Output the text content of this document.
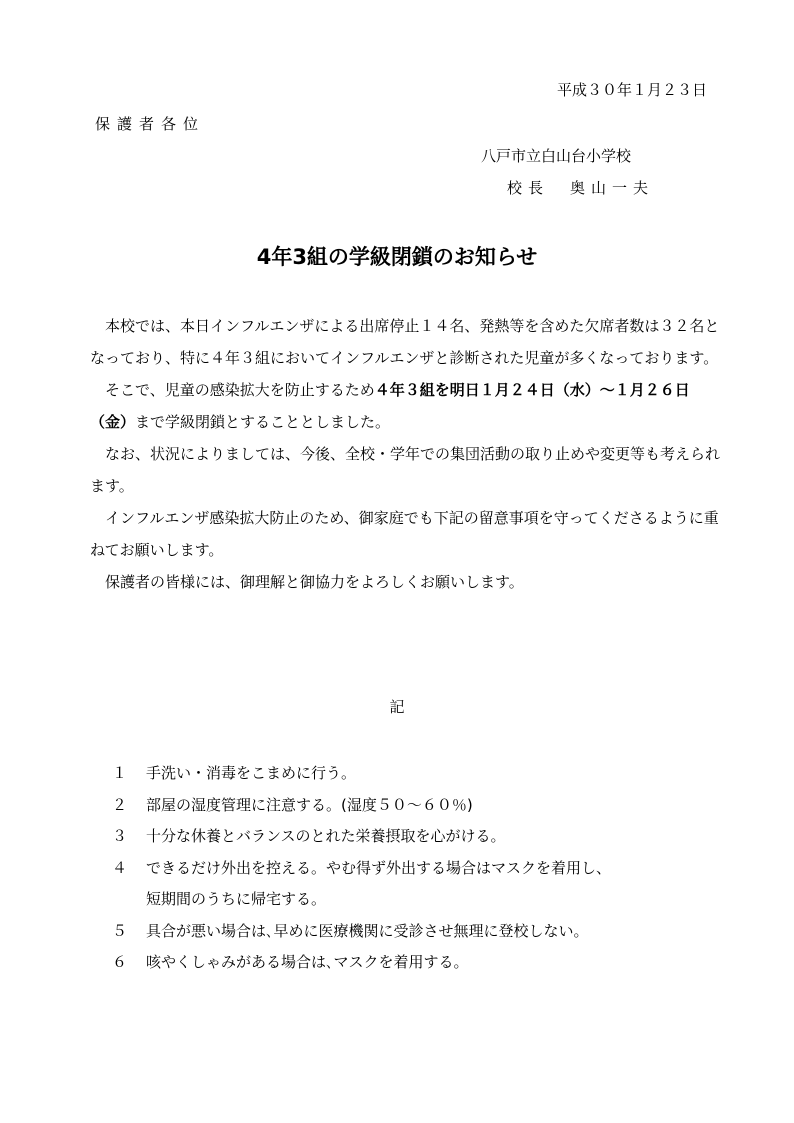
平成３０年１月２３日
保護者各位
八戸市立白山台小学校
校長　奥山一夫
4年3組の学級閉鎖のお知らせ

　本校では、本日インフルエンザによる出席停止１４名、発熱等を含めた欠席者数は３２名となっており、特に４年３組においてインフルエンザと診断された児童が多くなっております。

　そこで、児童の感染拡大を防止するため４年３組を明日１月２４日（水）～１月２６日（金）まで学級閉鎖とすることとしました。

　なお、状況によりましては、今後、全校・学年での集団活動の取り止めや変更等も考えられます。

　インフルエンザ感染拡大防止のため、御家庭でも下記の留意事項を守ってくださるように重ねてお願いします。

　保護者の皆様には、御理解と御協力をよろしくお願いします。

記
１	手洗い・消毒をこまめに行う。
２	部屋の湿度管理に注意する。(湿度５０～６０％)
３	十分な休養とバランスのとれた栄養摂取を心がける。
４	できるだけ外出を控える。やむ得ず外出する場合はマスクを着用し、
短期間のうちに帰宅する。
５	具合が悪い場合は､早めに医療機関に受診させ無理に登校しない。
６	咳やくしゃみがある場合は､マスクを着用する。
